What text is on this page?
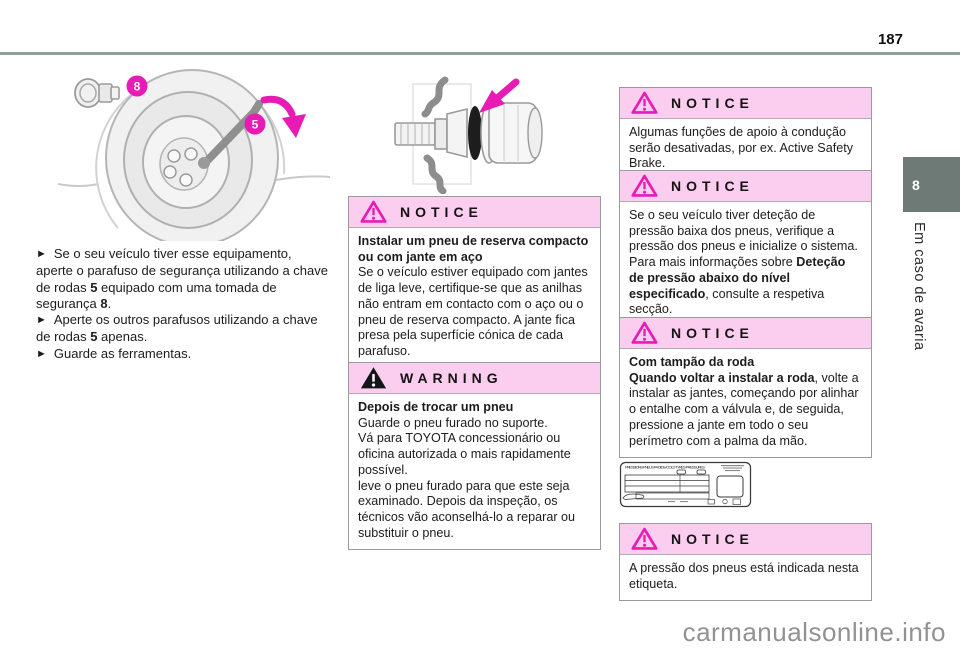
187
8
5

► Se o seu veículo tiver esse equipamento, aperte o parafuso de segurança utilizando a chave de rodas 5 equipado com uma tomada de segurança 8.

► Aperte os outros parafusos utilizando a chave de rodas 5 apenas.

► Guarde as ferramentas.

NOTICE

Instalar um pneu de reserva compacto ou com jante em aço

Se o veículo estiver equipado com jantes de liga leve, certifique-se que as anilhas não entram em contacto com o aço ou o pneu de reserva compacto. A jante fica presa pela superfície cónica de cada parafuso.

WARNING

Depois de trocar um pneu

Guarde o pneu furado no suporte.

Vá para TOYOTA concessionário ou oficina autorizada o mais rapidamente possível.

leve o pneu furado para que este seja examinado. Depois da inspeção, os técnicos vão aconselhá-lo a reparar ou substituir o pneu.

NOTICE

Algumas funções de apoio à condução serão desativadas, por ex. Active Safety Brake.

NOTICE

Se o seu veículo tiver deteção de pressão baixa dos pneus, verifique a pressão dos pneus e inicialize o sistema.

Para mais informações sobre Deteção de pressão abaixo do nível especificado, consulte a respetiva secção.

NOTICE

Com tampão da roda

Quando voltar a instalar a roda, volte a instalar as jantes, começando por alinhar o entalhe com a válvula e, de seguida, pressione a jante em todo o seu perímetro com a palma da mão.

PRESSIONS PNEUS FROIDS / COLD TYRES PRESSURES
NOTICE

A pressão dos pneus está indicada nesta etiqueta.

8
Em caso de avaria
carmanualsonline.info
